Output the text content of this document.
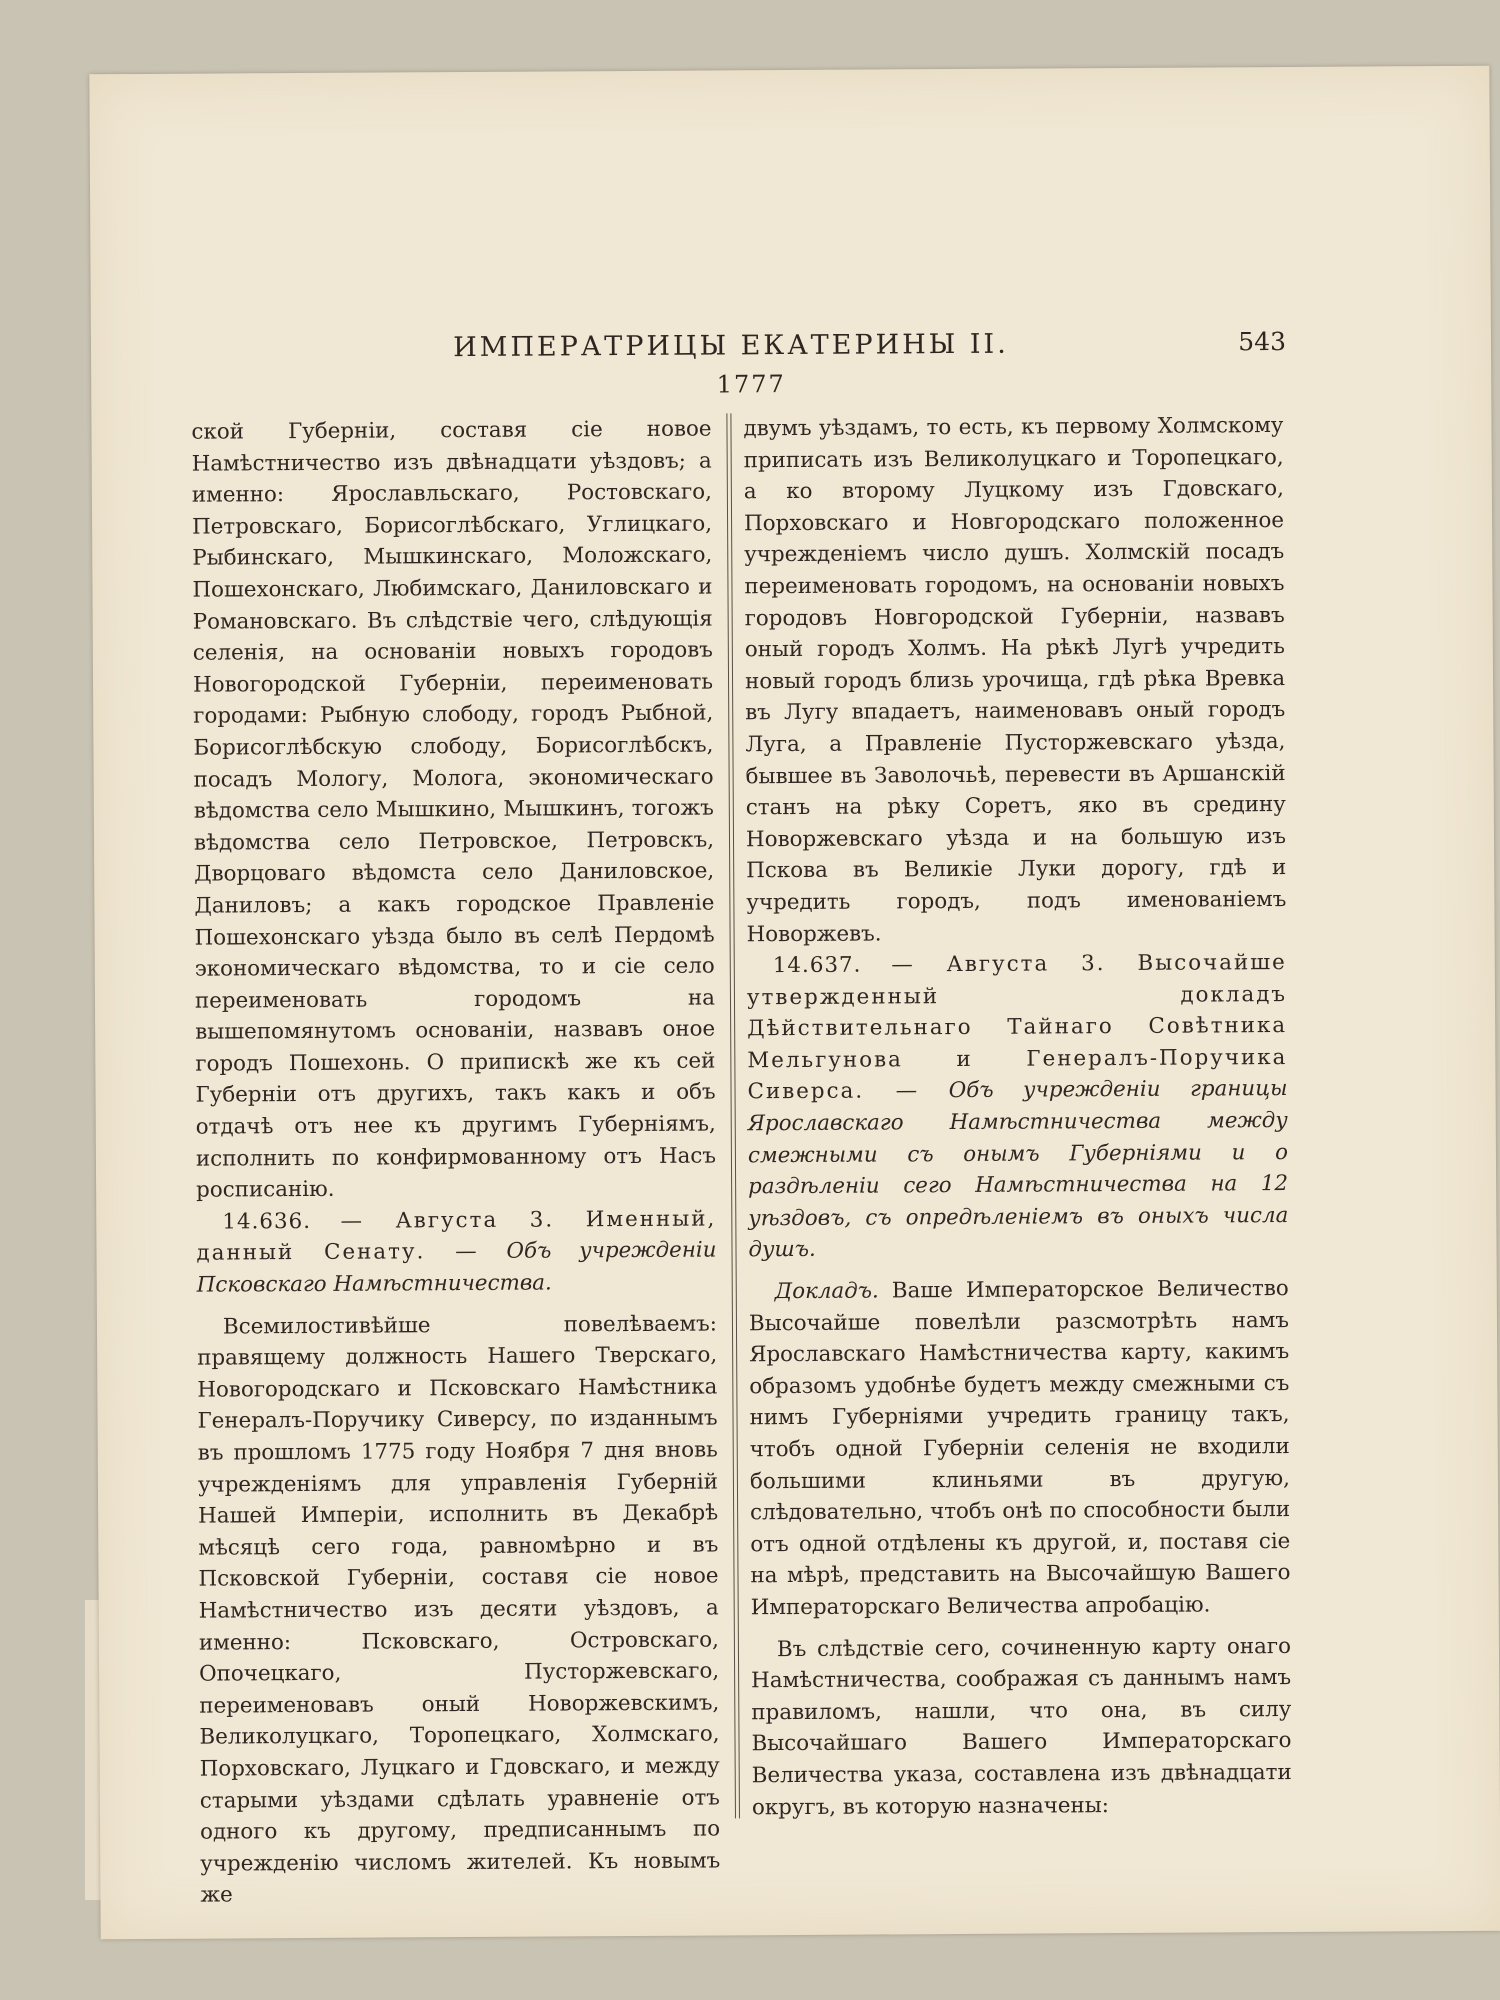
ИМПЕРАТРИЦЫ ЕКАТЕРИНЫ II.	543
1777

ской Губерніи, составя сіе новое Намѣстничество изъ двѣнадцати уѣздовъ; а именно: Ярославльскаго, Ростовскаго, Петровскаго, Борисоглѣбскаго, Углицкаго, Рыбинскаго, Мышкинскаго, Моложскаго, Пошехонскаго, Любимскаго, Даниловскаго и Романовскаго. Въ слѣдствіе чего, слѣдующія селенія, на основаніи новыхъ городовъ Новогородской Губерніи, переименовать городами: Рыбную слободу, городъ Рыбной, Борисоглѣбскую слободу, Борисоглѣбскъ, посадъ Мологу, Молога, экономическаго вѣдомства село Мышкино, Мышкинъ, тогожъ вѣдомства село Петровское, Петровскъ, Дворцоваго вѣдомста село Даниловское, Даниловъ; а какъ городское Правленіе Пошехонскаго уѣзда было въ селѣ Пердомѣ экономическаго вѣдомства, то и сіе село переименовать городомъ на вышепомянутомъ основаніи, назвавъ оное городъ Пошехонь. О припискѣ же къ сей Губерніи отъ другихъ, такъ какъ и объ отдачѣ отъ нее къ другимъ Губерніямъ, исполнить по конфирмованному отъ Насъ росписанію.

14.636. — Августа 3. Именный, данный Сенату. — Объ учрежденіи Псковскаго Намѣстничества.

Всемилостивѣйше повелѣваемъ: правящему должность Нашего Тверскаго, Новогородскаго и Псковскаго Намѣстника Генералъ-Поручику Сиверсу, по изданнымъ въ прошломъ 1775 году Ноября 7 дня вновь учрежденіямъ для управленія Губерній Нашей Имперіи, исполнить въ Декабрѣ мѣсяцѣ сего года, равномѣрно и въ Псковской Губерніи, составя сіе новое Намѣстничество изъ десяти уѣздовъ, а именно: Псковскаго, Островскаго, Опочецкаго, Пусторжевскаго, переименовавъ оный Новоржевскимъ, Великолуцкаго, Торопецкаго, Холмскаго, Порховскаго, Луцкаго и Гдовскаго, и между старыми уѣздами сдѣлать уравненіе отъ одного къ другому, предписаннымъ по учрежденію числомъ жителей. Къ новымъ же

двумъ уѣздамъ, то есть, къ первому Холмскому приписать изъ Великолуцкаго и Торопецкаго, а ко второму Луцкому изъ Гдовскаго, Порховскаго и Новгородскаго положенное учрежденіемъ число душъ. Холмскій посадъ переименовать городомъ, на основаніи новыхъ городовъ Новгородской Губерніи, назвавъ оный городъ Холмъ. На рѣкѣ Лугѣ учредить новый городъ близь урочища, гдѣ рѣка Вревка въ Лугу впадаетъ, наименовавъ оный городъ Луга, а Правленіе Пусторжевскаго уѣзда, бывшее въ Заволочьѣ, перевести въ Аршанскій станъ на рѣку Соретъ, яко въ средину Новоржевскаго уѣзда и на большую изъ Пскова въ Великіе Луки дорогу, гдѣ и учредить городъ, подъ именованіемъ Новоржевъ.

14.637. — Августа 3. Высочайше утвержденный докладъ Дѣйствительнаго Тайнаго Совѣтника Мельгунова и Генералъ-Поручика Сиверса. — Объ учрежденіи границы Ярославскаго Намѣстничества между смежными съ онымъ Губерніями и о раздѣленіи сего Намѣстничества на 12 уѣздовъ, съ опредѣленіемъ въ оныхъ числа душъ.

Докладъ. Ваше Императорское Величество Высочайше повелѣли разсмотрѣть намъ Ярославскаго Намѣстничества карту, какимъ образомъ удобнѣе будетъ между смежными съ нимъ Губерніями учредить границу такъ, чтобъ одной Губерніи селенія не входили большими клиньями въ другую, слѣдовательно, чтобъ онѣ по способности были отъ одной отдѣлены къ другой, и, поставя сіе на мѣрѣ, представить на Высочайшую Вашего Императорскаго Величества апробацію.

Въ слѣдствіе сего, сочиненную карту онаго Намѣстничества, соображая съ даннымъ намъ правиломъ, нашли, что она, въ силу Высочайшаго Вашего Императорскаго Величества указа, составлена изъ двѣнадцати округъ, въ которую назначены:
